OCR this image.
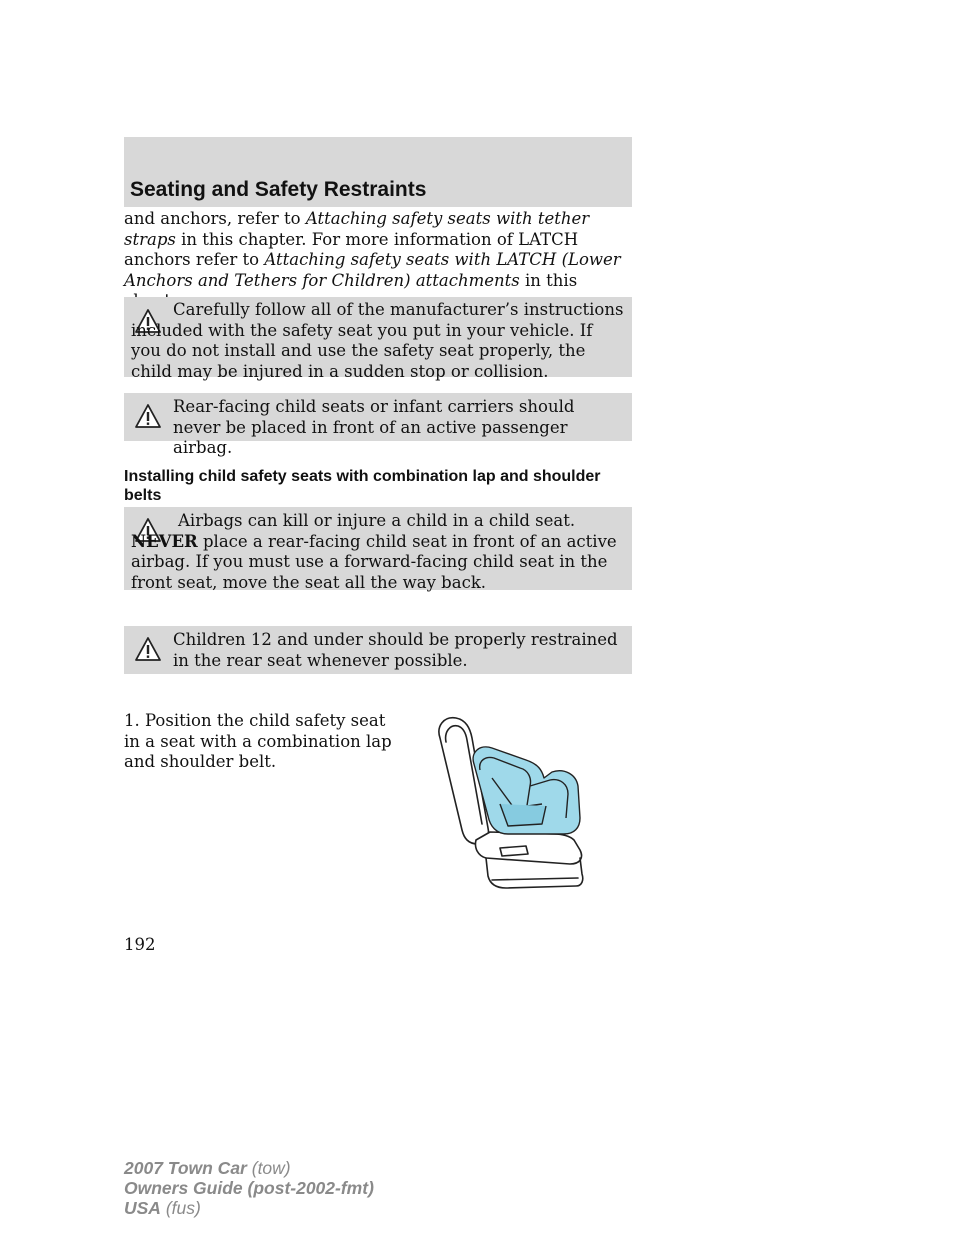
Seating and Safety Restraints
and anchors, refer to Attaching safety seats with tether straps in this chapter. For more information of LATCH anchors refer to Attaching safety seats with LATCH (Lower Anchors and Tethers for Children) attachments in this
Carefully follow all of the manufacturer’s instructions included with the safety seat you put in your vehicle. If you do not install and use the safety seat properly, the child may be injured in a sudden stop or collision.
Rear-facing child seats or infant carriers should never be placed in front of an active passenger airbag.
Installing child safety seats with combination lap and shoulder belts
Airbags can kill or injure a child in a child seat. NEVER place a rear-facing child seat in front of an active airbag. If you must use a forward-facing child seat in the front seat, move the seat all the way back.
Children 12 and under should be properly restrained in the rear seat whenever possible.
1. Position the child safety seat in a seat with a combination lap and shoulder belt.
192
2007 Town Car (tow)
Owners Guide (post-2002-fmt)
USA (fus)
